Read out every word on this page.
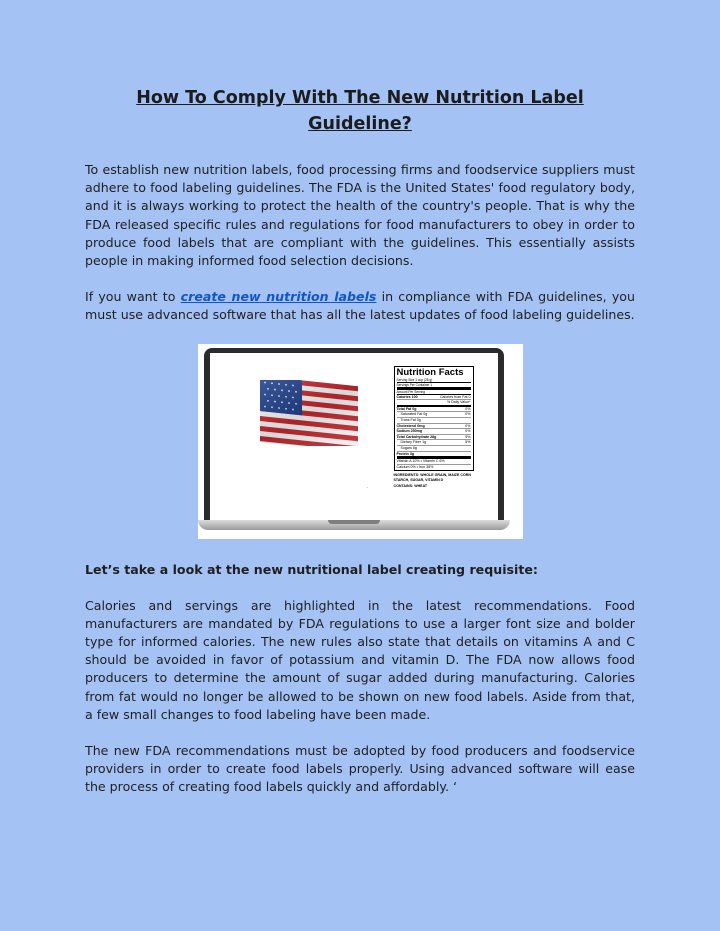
How To Comply With The New Nutrition Label Guideline?

To establish new nutrition labels, food processing firms and foodservice suppliers must adhere to food labeling guidelines. The FDA is the United States' food regulatory body, and it is always working to protect the health of the country's people. That is why the FDA released specific rules and regulations for food manufacturers to obey in order to produce food labels that are compliant with the guidelines. This essentially assists people in making informed food selection decisions.

If you want to create new nutrition labels in compliance with FDA guidelines, you must use advanced software that has all the latest updates of food labeling guidelines.

Nutrition Facts
Serving Size 1 cup (28 g)
Servings Per Container 1
Amount Per Serving
Calories 100	Calories from Fat 0
% Daily Value*
Total Fat 0g	0%
Saturated Fat 0g	0%
Trans Fat 0g
Cholesterol 0mg	0%
Sodium 250mg	0%
Total Carbohydrate 28g	9%
Dietary Fiber 1g	5%
Sugars 6g
Protein 3g
Vitamin A 10% • Vitamin C 6%
Calcium 0% • Iron 38%
INGREDIENTS: WHOLE GRAIN, MAIZE CORN STARCH, SUGAR, VITAMIN D
CONTAINS: WHEAT
·
Let’s take a look at the new nutritional label creating requisite:

Calories and servings are highlighted in the latest recommendations. Food manufacturers are mandated by FDA regulations to use a larger font size and bolder type for informed calories. The new rules also state that details on vitamins A and C should be avoided in favor of potassium and vitamin D. The FDA now allows food producers to determine the amount of sugar added during manufacturing. Calories from fat would no longer be allowed to be shown on new food labels. Aside from that, a few small changes to food labeling have been made.

The new FDA recommendations must be adopted by food producers and foodservice providers in order to create food labels properly. Using advanced software will ease the process of creating food labels quickly and affordably. ‘
